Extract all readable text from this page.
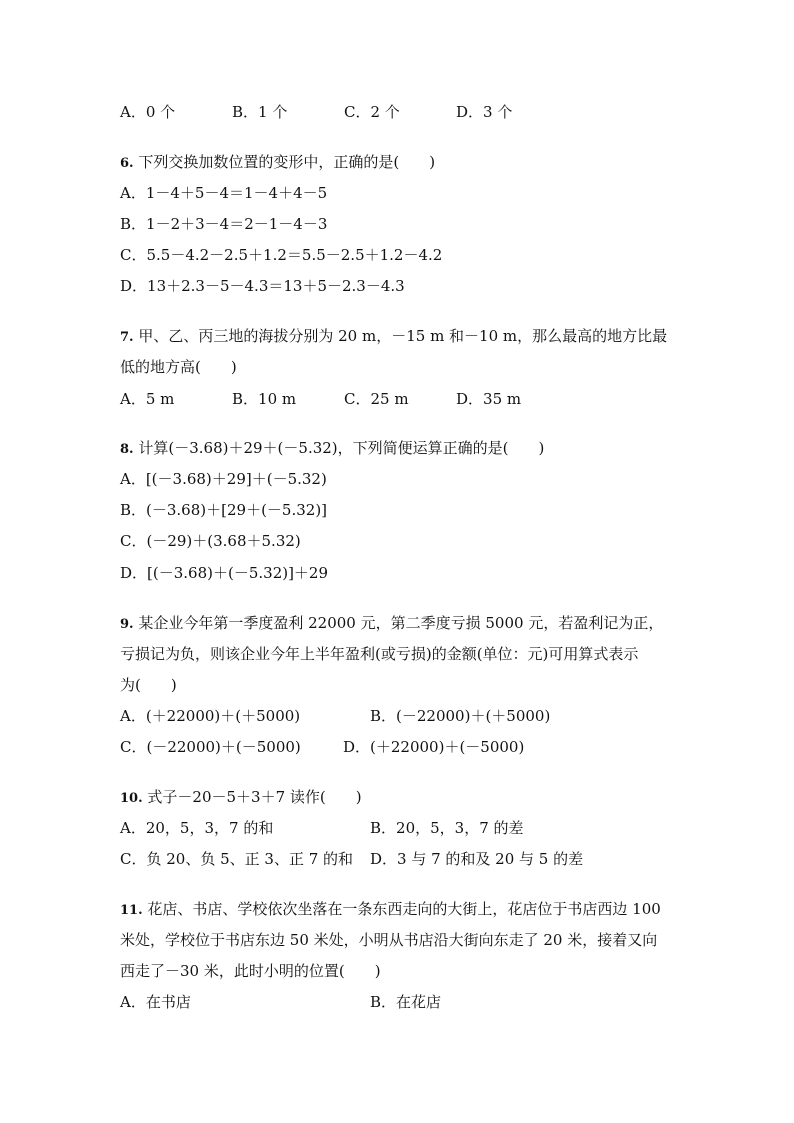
A．0 个	B．1 个	C．2 个	D．3 个
6. 下列交换加数位置的变形中，正确的是(　　)
A．1－4＋5－4＝1－4＋4－5
B．1－2＋3－4＝2－1－4－3
C．5.5－4.2－2.5＋1.2＝5.5－2.5＋1.2－4.2
D．13＋2.3－5－4.3＝13＋5－2.3－4.3
7. 甲、乙、丙三地的海拔分别为 20 m，－15 m 和－10 m，那么最高的地方比最
低的地方高(　　)
A．5 m	B．10 m	C．25 m	D．35 m
8. 计算(－3.68)＋29＋(－5.32)，下列简便运算正确的是(　　)
A．[(－3.68)＋29]＋(－5.32)
B．(－3.68)＋[29＋(－5.32)]
C．(－29)＋(3.68＋5.32)
D．[(－3.68)＋(－5.32)]＋29
9. 某企业今年第一季度盈利 22000 元，第二季度亏损 5000 元，若盈利记为正，
亏损记为负，则该企业今年上半年盈利(或亏损)的金额(单位：元)可用算式表示
为(　　)
A．(＋22000)＋(＋5000)	B．(－22000)＋(＋5000)
C．(－22000)＋(－5000)	D．(＋22000)＋(－5000)
10. 式子－20－5＋3＋7 读作(　　)
A．20，5，3，7 的和	B．20，5，3，7 的差
C．负 20、负 5、正 3、正 7 的和 D．3 与 7 的和及 20 与 5 的差
11. 花店、书店、学校依次坐落在一条东西走向的大街上，花店位于书店西边 100
米处，学校位于书店东边 50 米处，小明从书店沿大街向东走了 20 米，接着又向
西走了－30 米，此时小明的位置(　　)
A．在书店	B．在花店
